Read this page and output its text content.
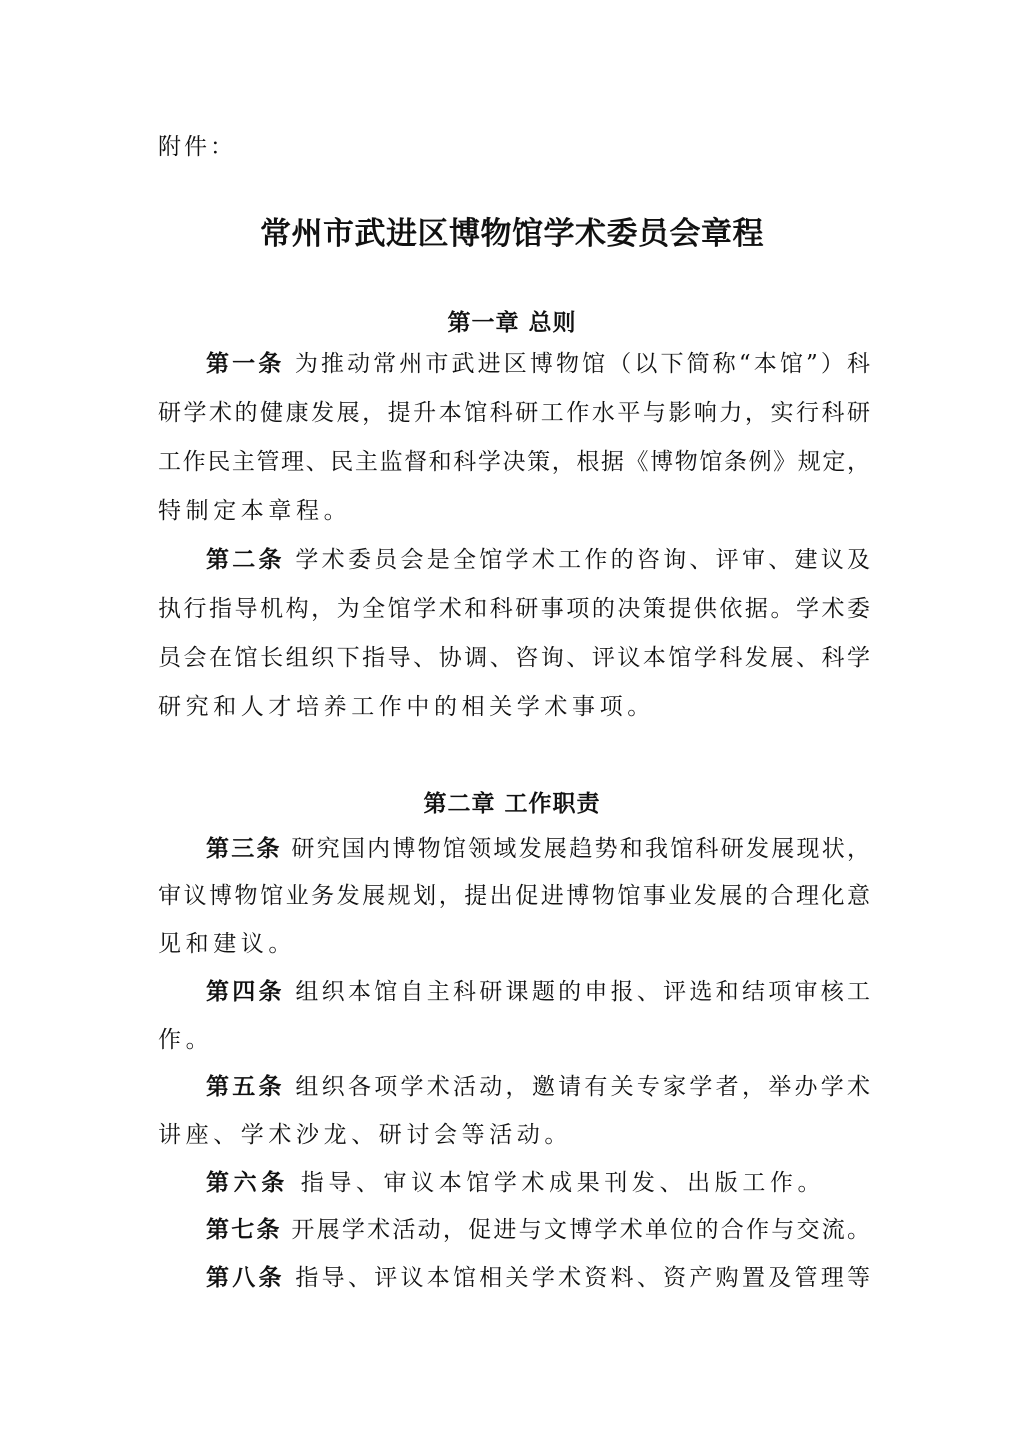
附件：
常州市武进区博物馆学术委员会章程
第一章 总则
第一条 为推动常州市武进区博物馆（以下简称“本馆”）科
研学术的健康发展，提升本馆科研工作水平与影响力，实行科研
工作民主管理、民主监督和科学决策，根据《博物馆条例》规定，
特制定本章程。
第二条 学术委员会是全馆学术工作的咨询、评审、建议及
执行指导机构，为全馆学术和科研事项的决策提供依据。学术委
员会在馆长组织下指导、协调、咨询、评议本馆学科发展、科学
研究和人才培养工作中的相关学术事项。
第二章 工作职责
第三条 研究国内博物馆领域发展趋势和我馆科研发展现状，
审议博物馆业务发展规划，提出促进博物馆事业发展的合理化意
见和建议。
第四条 组织本馆自主科研课题的申报、评选和结项审核工
作。
第五条 组织各项学术活动，邀请有关专家学者，举办学术
讲座、学术沙龙、研讨会等活动。
第六条 指导、审议本馆学术成果刊发、出版工作。
第七条 开展学术活动，促进与文博学术单位的合作与交流。
第八条 指导、评议本馆相关学术资料、资产购置及管理等
